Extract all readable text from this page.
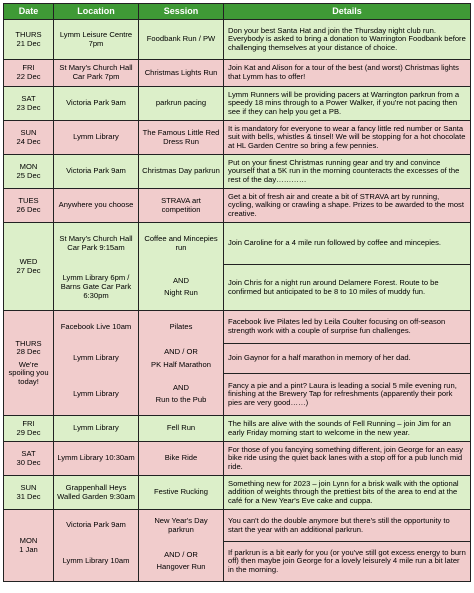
Date	Location	Session	Details

THURS
21 Dec	Lymm Leisure Centre 7pm	Foodbank Run / PW	Don your best Santa Hat and join the Thursday night club run. Everybody is asked to bring a donation to Warrington Foodbank before challenging themselves at your distance of choice.

FRI
22 Dec	St Mary's Church Hall Car Park 7pm	Christmas Lights Run	Join Kat and Alison for a tour of the best (and worst) Christmas lights that Lymm has to offer!

SAT
23 Dec	Victoria Park 9am	parkrun pacing	Lymm Runners will be providing pacers at Warrington parkrun from a speedy 18 mins through to a Power Walker, if you're not pacing then see if they can help you get a PB.

SUN
24 Dec	Lymm Library	The Famous Little Red Dress Run	It is mandatory for everyone to wear a fancy little red number or Santa suit with bells, whistles & tinsel! We will be stopping for a hot chocolate at HL Garden Centre so bring a few pennies.

MON
25 Dec	Victoria Park 9am	Christmas Day parkrun	Put on your finest Christmas running gear and try and convince yourself that a 5K run in the morning counteracts the excesses of the rest of the day…………

TUES
26 Dec	Anywhere you choose	STRAVA art competition	Get a bit of fresh air and create a bit of STRAVA art by running, cycling, walking or crawling a shape. Prizes to be awarded to the most creative.

WED
27 Dec	St Mary's Church Hall Car Park 9:15am	Coffee and Mincepies run	Join Caroline for a 4 mile run followed by coffee and mincepies.
	Lymm Library 6pm / Barns Gate Car Park 6:30pm	AND
Night Run	Join Chris for a night run around Delamere Forest. Route to be confirmed but anticipated to be 8 to 10 miles of muddy fun.

THURS
28 Dec
We're spoiling you today!	Facebook Live 10am	Pilates	Facebook live Pilates led by Leila Coulter focusing on off-season strength work with a couple of surprise fun challenges.
	Lymm Library	AND / OR
PK Half Marathon	Join Gaynor for a half marathon in memory of her dad.
	Lymm Library	AND
Run to the Pub	Fancy a pie and a pint? Laura is leading a social 5 mile evening run, finishing at the Brewery Tap for refreshments (apparently their pork pies are very good……)

FRI
29 Dec	Lymm Library	Fell Run	The hills are alive with the sounds of Fell Running – join Jim for an early Friday morning start to welcome in the new year.

SAT
30 Dec	Lymm Library 10:30am	Bike Ride	For those of you fancying something different, join George for an easy bike ride using the quiet back lanes with a stop off for a pub lunch mid ride.

SUN
31 Dec	Grappenhall Heys Walled Garden 9:30am	Festive Rucking	Something new for 2023 – join Lynn for a brisk walk with the optional addition of weights through the prettiest bits of the area to end at the café for a New Year's Eve cake and cuppa.

MON
1 Jan	Victoria Park 9am	New Year's Day parkrun	You can't do the double anymore but there's still the opportunity to start the year with an additional parkrun.
	Lymm Library 10am	AND / OR
Hangover Run	If parkrun is a bit early for you (or you've still got excess energy to burn off) then maybe join George for a lovely leisurely 4 mile run a bit later in the morning.
